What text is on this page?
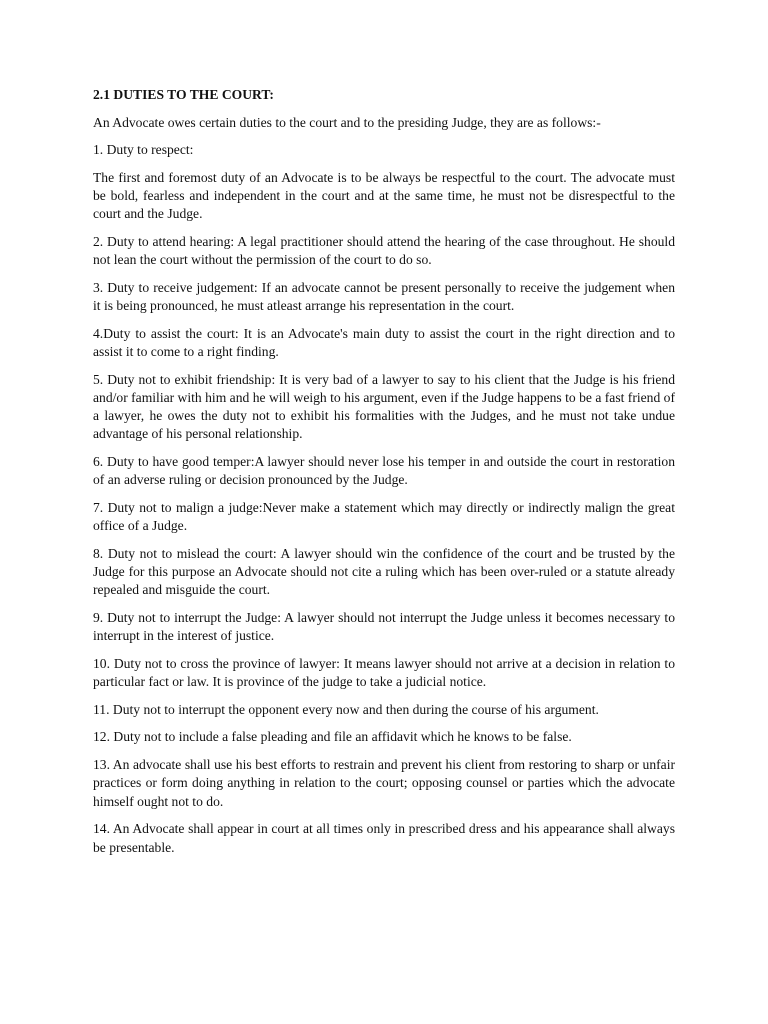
2.1 DUTIES TO THE COURT:
An Advocate owes certain duties to the court and to the presiding Judge, they are as follows:-
1. Duty to respect:
The first and foremost duty of an Advocate is to be always be respectful to the court. The advocate must be bold, fearless and independent in the court and at the same time, he must not be disrespectful to the court and the Judge.
2. Duty to attend hearing: A legal practitioner should attend the hearing of the case throughout. He should not lean the court without the permission of the court to do so.
3. Duty to receive judgement: If an advocate cannot be present personally to receive the judgement when it is being pronounced, he must atleast arrange his representation in the court.
4.Duty to assist the court: It is an Advocate's main duty to assist the court in the right direction and to assist it to come to a right finding.
5. Duty not to exhibit friendship: It is very bad of a lawyer to say to his client that the Judge is his friend and/or familiar with him and he will weigh to his argument, even if the Judge happens to be a fast friend of a lawyer, he owes the duty not to exhibit his formalities with the Judges, and he must not take undue advantage of his personal relationship.
6. Duty to have good temper:A lawyer should never lose his temper in and outside the court in restoration of an adverse ruling or decision pronounced by the Judge.
7. Duty not to malign a judge:Never make a statement which may directly or indirectly malign the great office of a Judge.
8. Duty not to mislead the court: A lawyer should win the confidence of the court and be trusted by the Judge for this purpose an Advocate should not cite a ruling which has been over-ruled or a statute already repealed and misguide the court.
9. Duty not to interrupt the Judge: A lawyer should not interrupt the Judge unless it becomes necessary to interrupt in the interest of justice.
10. Duty not to cross the province of lawyer: It means lawyer should not arrive at a decision in relation to particular fact or law. It is province of the judge to take a judicial notice.
11. Duty not to interrupt the opponent every now and then during the course of his argument.
12. Duty not to include a false pleading and file an affidavit which he knows to be false.
13. An advocate shall use his best efforts to restrain and prevent his client from restoring to sharp or unfair practices or form doing anything in relation to the court; opposing counsel or parties which the advocate himself ought not to do.
14. An Advocate shall appear in court at all times only in prescribed dress and his appearance shall always be presentable.
